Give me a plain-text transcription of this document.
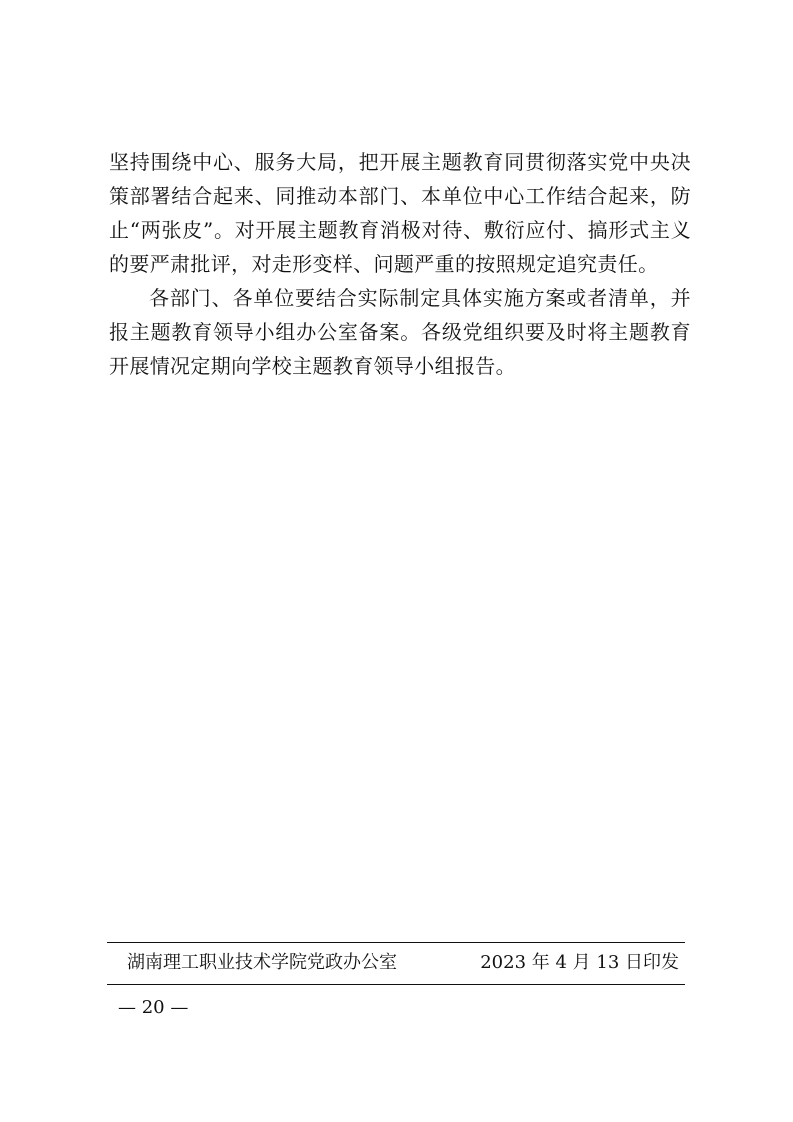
坚持围绕中心、服务大局，把开展主题教育同贯彻落实党中央决策部署结合起来、同推动本部门、本单位中心工作结合起来，防止“两张皮”。对开展主题教育消极对待、敷衍应付、搞形式主义的要严肃批评，对走形变样、问题严重的按照规定追究责任。

各部门、各单位要结合实际制定具体实施方案或者清单，并报主题教育领导小组办公室备案。各级党组织要及时将主题教育开展情况定期向学校主题教育领导小组报告。

湖南理工职业技术学院党政办公室	2023 年 4 月 13 日印发
— 20 —
